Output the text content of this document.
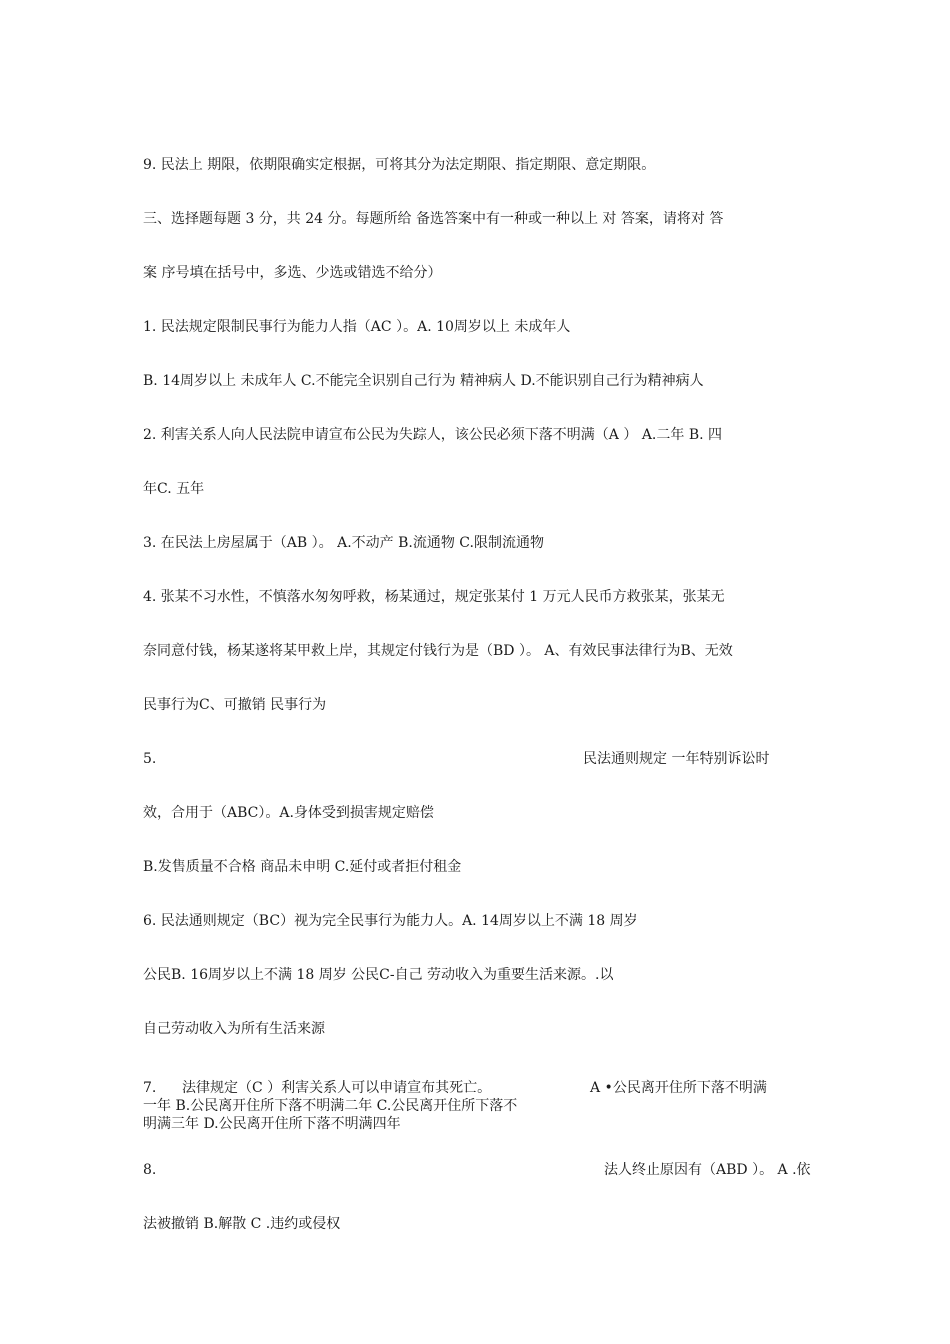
9. 民法上 期限，依期限确实定根据，可将其分为法定期限、指定期限、意定期限。
三、选择题每题 3 分，共 24 分。每题所给 备选答案中有一种或一种以上 对 答案，请将对 答
案 序号填在括号中，多选、少选或错选不给分）
1. 民法规定限制民事行为能力人指（AC ）。A. 10周岁以上 未成年人
B. 14周岁以上 未成年人 C.不能完全识别自己行为 精神病人 D.不能识别自己行为精神病人
2. 利害关系人向人民法院申请宣布公民为失踪人，该公民必须下落不明满（A ） A.二年 B. 四
年C. 五年
3. 在民法上房屋属于（AB ）。 A.不动产 B.流通物 C.限制流通物
4. 张某不习水性，不慎落水匆匆呼救，杨某通过，规定张某付 1 万元人民币方救张某，张某无
奈同意付钱，杨某遂将某甲救上岸，其规定付钱行为是（BD ）。 A、有效民事法律行为B、无效
民事行为C、可撤销 民事行为
5.	民法通则规定 一年特别诉讼时
效，合用于（ABC）。A.身体受到损害规定赔偿
B.发售质量不合格 商品未申明 C.延付或者拒付租金
6. 民法通则规定（BC）视为完全民事行为能力人。A. 14周岁以上不满 18 周岁
公民B. 16周岁以上不满 18 周岁 公民C-自己 劳动收入为重要生活来源。.以
自己劳动收入为所有生活来源
7. 法律规定（C ）利害关系人可以申请宣布其死亡。	A •公民离开住所下落不明满
一年 B.公民离开住所下落不明满二年 C.公民离开住所下落不
明满三年 D.公民离开住所下落不明满四年
8.	法人终止原因有（ABD ）。 A .依
法被撤销 B.解散 C .违约或侵权
